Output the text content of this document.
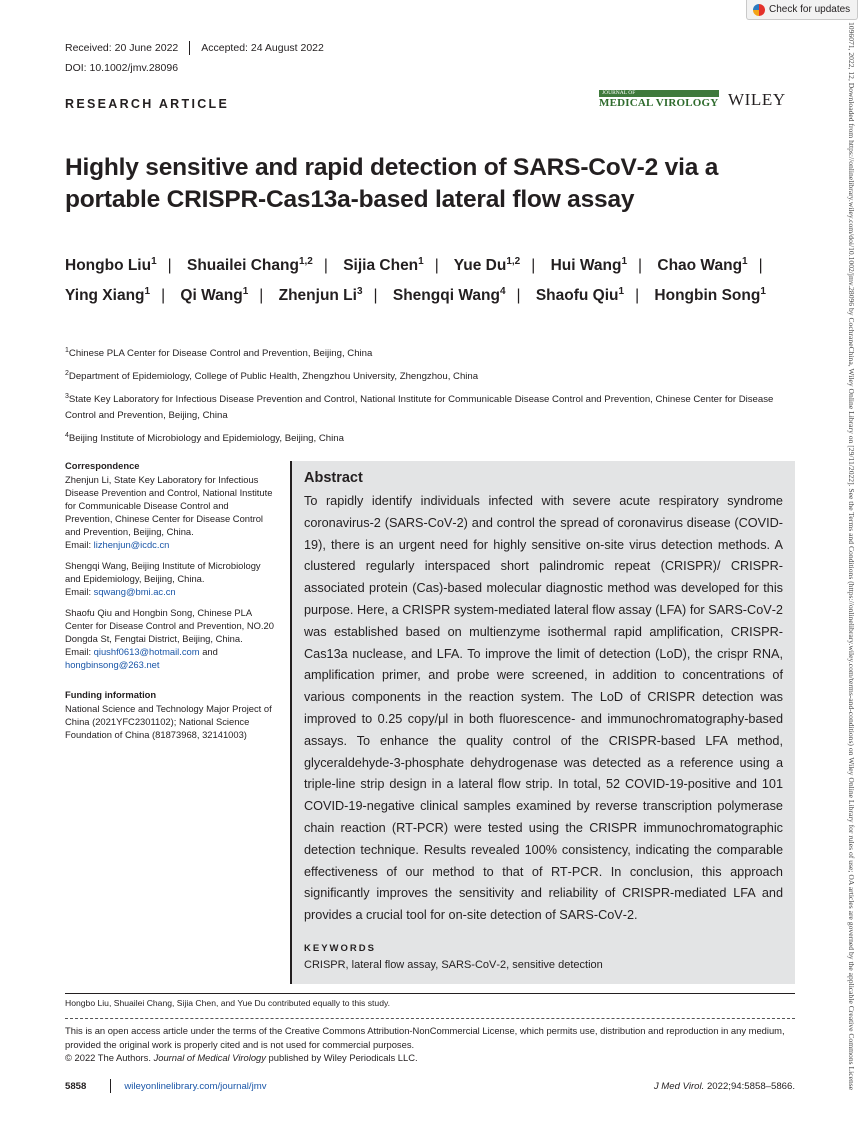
Check for updates
1096071, 2022, 12, Downloaded from https://onlinelibrary.wiley.com/doi/10.1002/jmv.28096 by CochraneChina, Wiley Online Library on [29/11/2022]. See the Terms and Conditions (https://onlinelibrary.wiley.com/terms-and-conditions) on Wiley Online Library for rules of use; OA articles are governed by the applicable Creative Commons License
Received: 20 June 2022 Accepted: 24 August 2022
DOI: 10.1002/jmv.28096
RESEARCH ARTICLE
JOURNAL OF
MEDICAL VIROLOGY WILEY
Highly sensitive and rapid detection of SARS‐CoV‐2 via a portable CRISPR‐Cas13a‐based lateral flow assay
Hongbo Liu$^1$ | Shuailei Chang$^{1,2}$ | Sijia Chen$^1$ | Yue Du$^{1,2}$ | Hui Wang$^1$ | Chao Wang$^1$ | Ying Xiang$^1$ | Qi Wang$^1$ | Zhenjun Li$^3$ | Shengqi Wang$^4$ | Shaofu Qiu$^1$ | Hongbin Song$^1$

$^1$Chinese PLA Center for Disease Control and Prevention, Beijing, China

$^2$Department of Epidemiology, College of Public Health, Zhengzhou University, Zhengzhou, China

$^3$State Key Laboratory for Infectious Disease Prevention and Control, National Institute for Communicable Disease Control and Prevention, Chinese Center for Disease Control and Prevention, Beijing, China

$^4$Beijing Institute of Microbiology and Epidemiology, Beijing, China

Correspondence

Zhenjun Li, State Key Laboratory for Infectious Disease Prevention and Control, National Institute for Communicable Disease Control and Prevention, Chinese Center for Disease Control and Prevention, Beijing, China.
Email: lizhenjun@icdc.cn

Shengqi Wang, Beijing Institute of Microbiology and Epidemiology, Beijing, China.
Email: sqwang@bmi.ac.cn

Shaofu Qiu and Hongbin Song, Chinese PLA Center for Disease Control and Prevention, NO.20 Dongda St, Fengtai District, Beijing, China.
Email: qiushf0613@hotmail.com and
hongbinsong@263.net

Funding information

National Science and Technology Major Project of China (2021YFC2301102); National Science Foundation of China (81873968, 32141003)

Abstract
To rapidly identify individuals infected with severe acute respiratory syndrome coronavirus‐2 (SARS‐CoV‐2) and control the spread of coronavirus disease (COVID‐19), there is an urgent need for highly sensitive on‐site virus detection methods. A clustered regularly interspaced short palindromic repeat (CRISPR)/ CRISPR‐associated protein (Cas)‐based molecular diagnostic method was developed for this purpose. Here, a CRISPR system‐mediated lateral flow assay (LFA) for SARS‐CoV‐2 was established based on multienzyme isothermal rapid amplification, CRISPR‐Cas13a nuclease, and LFA. To improve the limit of detection (LoD), the crispr RNA, amplification primer, and probe were screened, in addition to concentrations of various components in the reaction system. The LoD of CRISPR detection was improved to 0.25 copy/μl in both fluorescence‐ and immunochromatography‐based assays. To enhance the quality control of the CRISPR‐based LFA method, glyceraldehyde‐3‐phosphate dehydrogenase was detected as a reference using a triple‐line strip design in a lateral flow strip. In total, 52 COVID‐19‐positive and 101 COVID‐19‐negative clinical samples examined by reverse transcription polymerase chain reaction (RT‐PCR) were tested using the CRISPR immunochromatographic detection technique. Results revealed 100% consistency, indicating the comparable effectiveness of our method to that of RT‐PCR. In conclusion, this approach significantly improves the sensitivity and reliability of CRISPR‐mediated LFA and provides a crucial tool for on‐site detection of SARS‐CoV‐2.
KEYWORDS
CRISPR, lateral flow assay, SARS‐CoV‐2, sensitive detection
Hongbo Liu, Shuailei Chang, Sijia Chen, and Yue Du contributed equally to this study.

This is an open access article under the terms of the Creative Commons Attribution‐NonCommercial License, which permits use, distribution and reproduction in any medium, provided the original work is properly cited and is not used for commercial purposes.

© 2022 The Authors. Journal of Medical Virology published by Wiley Periodicals LLC.

5858	wileyonlinelibrary.com/journal/jmv	J Med Virol. 2022;94:5858–5866.
